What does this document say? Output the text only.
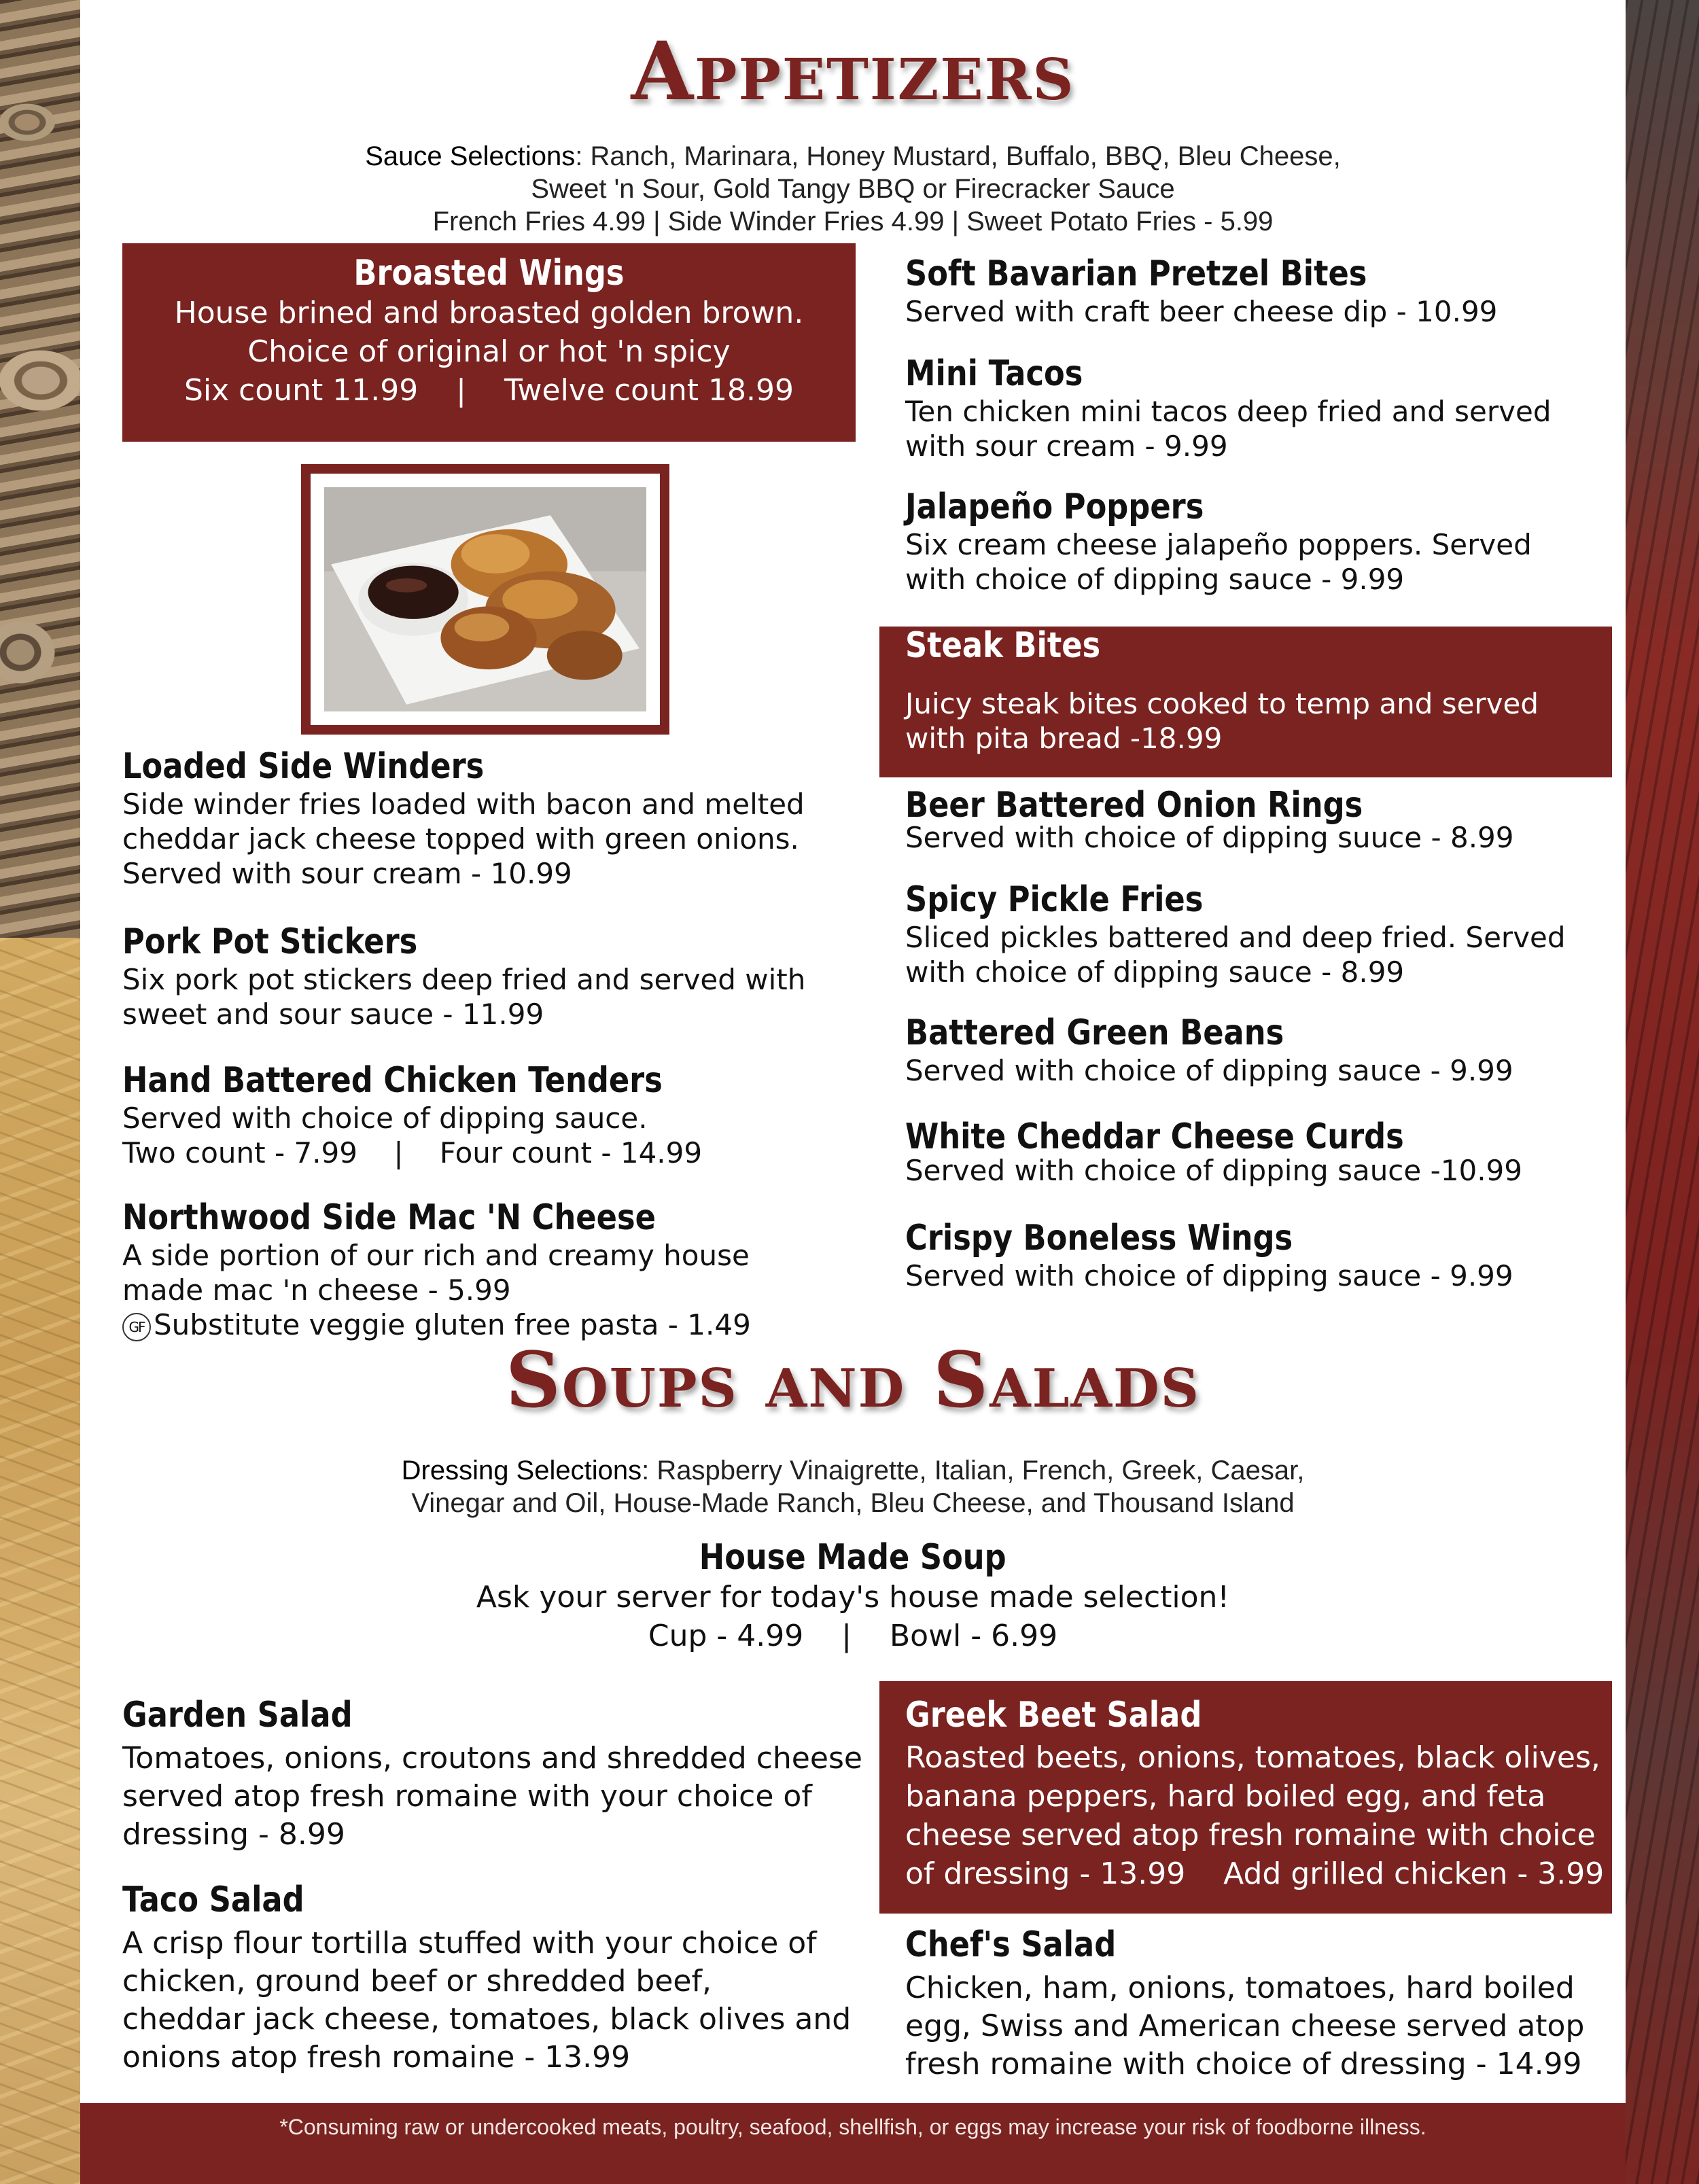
Appetizers
Sauce Selections: Ranch, Marinara, Honey Mustard, Buffalo, BBQ, Bleu Cheese,
Sweet 'n Sour, Gold Tangy BBQ or Firecracker Sauce
French Fries 4.99 | Side Winder Fries 4.99 | Sweet Potato Fries - 5.99
Broasted Wings
House brined and broasted golden brown.
Choice of original or hot 'n spicy
Six count 11.99    |    Twelve count 18.99
Loaded Side Winders
Side winder fries loaded with bacon and melted
cheddar jack cheese topped with green onions.
Served with sour cream - 10.99
Pork Pot Stickers
Six pork pot stickers deep fried and served with
sweet and sour sauce - 11.99
Hand Battered Chicken Tenders
Served with choice of dipping sauce.
Two count - 7.99    |    Four count - 14.99
Northwood Side Mac 'N Cheese
A side portion of our rich and creamy house
made mac 'n cheese - 5.99
GF Substitute veggie gluten free pasta - 1.49
Soft Bavarian Pretzel Bites
Served with craft beer cheese dip - 10.99
Mini Tacos
Ten chicken mini tacos deep fried and served
with sour cream - 9.99
Jalapeño Poppers
Six cream cheese jalapeño poppers. Served
with choice of dipping sauce - 9.99
Steak Bites
Juicy steak bites cooked to temp and served
with pita bread -18.99
Beer Battered Onion Rings
Served with choice of dipping suuce - 8.99
Spicy Pickle Fries
Sliced pickles battered and deep fried. Served
with choice of dipping sauce - 8.99
Battered Green Beans
Served with choice of dipping sauce - 9.99
White Cheddar Cheese Curds
Served with choice of dipping sauce -10.99
Crispy Boneless Wings
Served with choice of dipping sauce - 9.99
Soups and Salads
Dressing Selections: Raspberry Vinaigrette, Italian, French, Greek, Caesar,
Vinegar and Oil, House-Made Ranch, Bleu Cheese, and Thousand Island
House Made Soup
Ask your server for today's house made selection!
Cup - 4.99    |    Bowl - 6.99
Garden Salad
Tomatoes, onions, croutons and shredded cheese
served atop fresh romaine with your choice of
dressing - 8.99
Taco Salad
A crisp flour tortilla stuffed with your choice of
chicken, ground beef or shredded beef,
cheddar jack cheese, tomatoes, black olives and
onions atop fresh romaine - 13.99
Greek Beet Salad
Roasted beets, onions, tomatoes, black olives,
banana peppers, hard boiled egg, and feta
cheese served atop fresh romaine with choice
of dressing - 13.99    Add grilled chicken - 3.99
Chef's Salad
Chicken, ham, onions, tomatoes, hard boiled
egg, Swiss and American cheese served atop
fresh romaine with choice of dressing - 14.99
*Consuming raw or undercooked meats, poultry, seafood, shellfish, or eggs may increase your risk of foodborne illness.
